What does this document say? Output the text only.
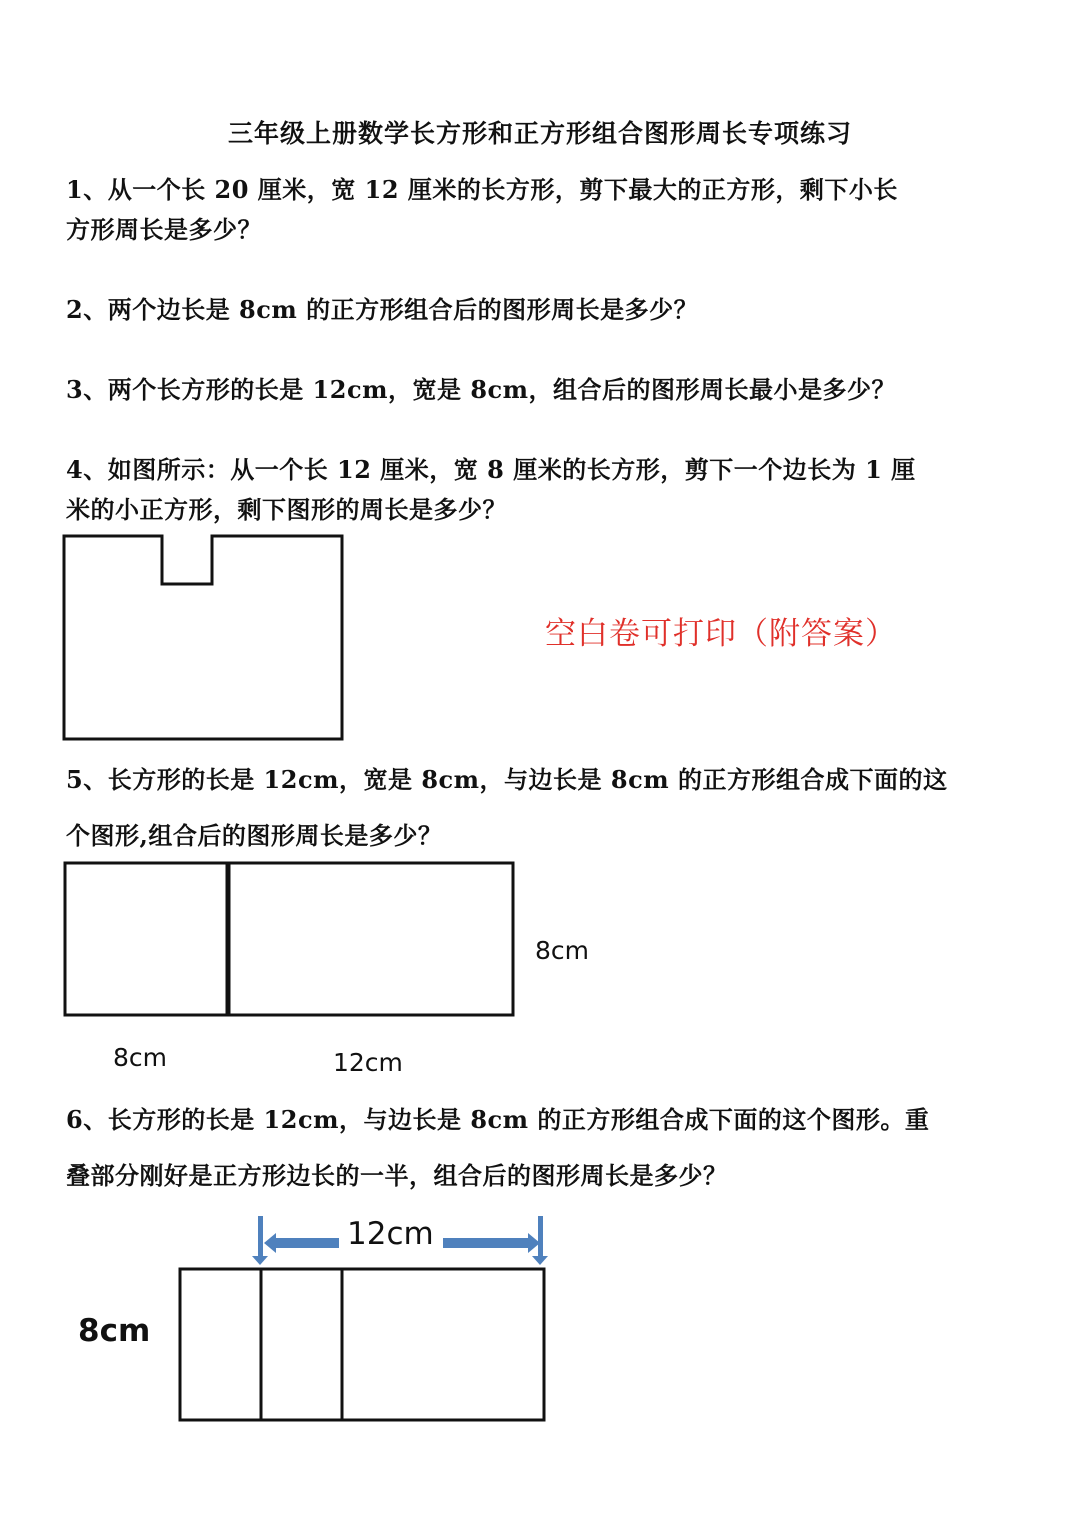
三年级上册数学长方形和正方形组合图形周长专项练习
1、从一个长 20 厘米，宽 12 厘米的长方形，剪下最大的正方形，剩下小长
方形周长是多少？
2、两个边长是 8cm 的正方形组合后的图形周长是多少？
3、两个长方形的长是 12cm，宽是 8cm，组合后的图形周长最小是多少？
4、如图所示：从一个长 12 厘米，宽 8 厘米的长方形，剪下一个边长为 1 厘
米的小正方形，剩下图形的周长是多少？
空白卷可打印（附答案）
5、长方形的长是 12cm，宽是 8cm，与边长是 8cm 的正方形组合成下面的这
个图形,组合后的图形周长是多少？
8cm
8cm	12cm
6、长方形的长是 12cm，与边长是 8cm 的正方形组合成下面的这个图形。重
叠部分刚好是正方形边长的一半，组合后的图形周长是多少？
12cm
8cm
